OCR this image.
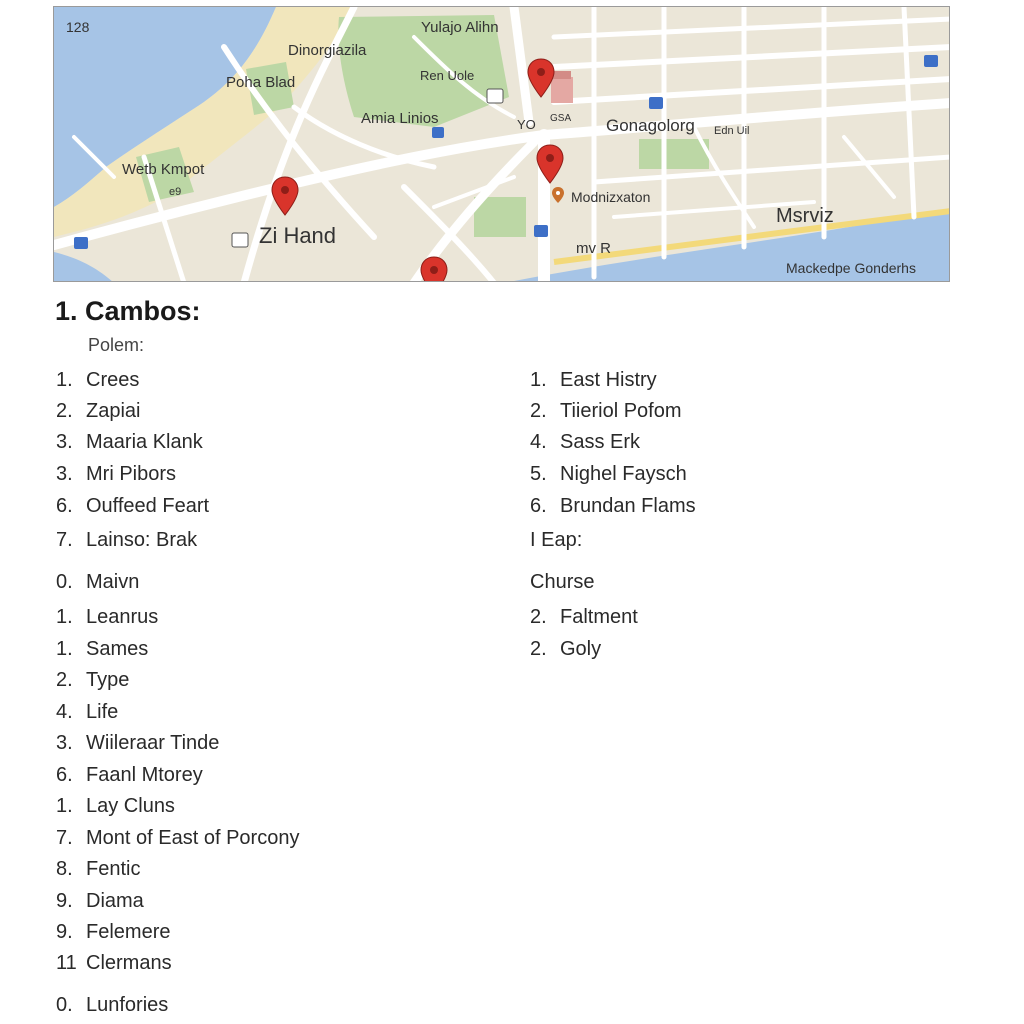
128	Yulajo Alihn
Dinorgiazila
Poha Blad	Ren Uole
Amia Linios	Gonagolorg Edn Uil
Wetb Kmpot
e9
Zi Hand
Modnizxaton
mv R
Msrviz
Mackedpe Gonderhs
YO GSA
1. Cambos:
Polem:
1. Crees
2. Zapiai
3. Maaria Klank
3. Mri Pibors
6. Ouffeed Feart
7. Lainso: Brak
0. Maivn
1. Leanrus
1. Sames
2. Type
4. Life
3. Wiileraar Tinde
6. Faanl Mtorey
1. Lay Cluns
7. Mont of East of Porcony
8. Fentic
9. Diama
9. Felemere
11 Clermans
0. Lunfories
1. East Histry
2. Tiieriol Pofom
4. Sass Erk
5. Nighel Faysch
6. Brundan Flams
I Eap:
Churse
2. Faltment
2. Goly
